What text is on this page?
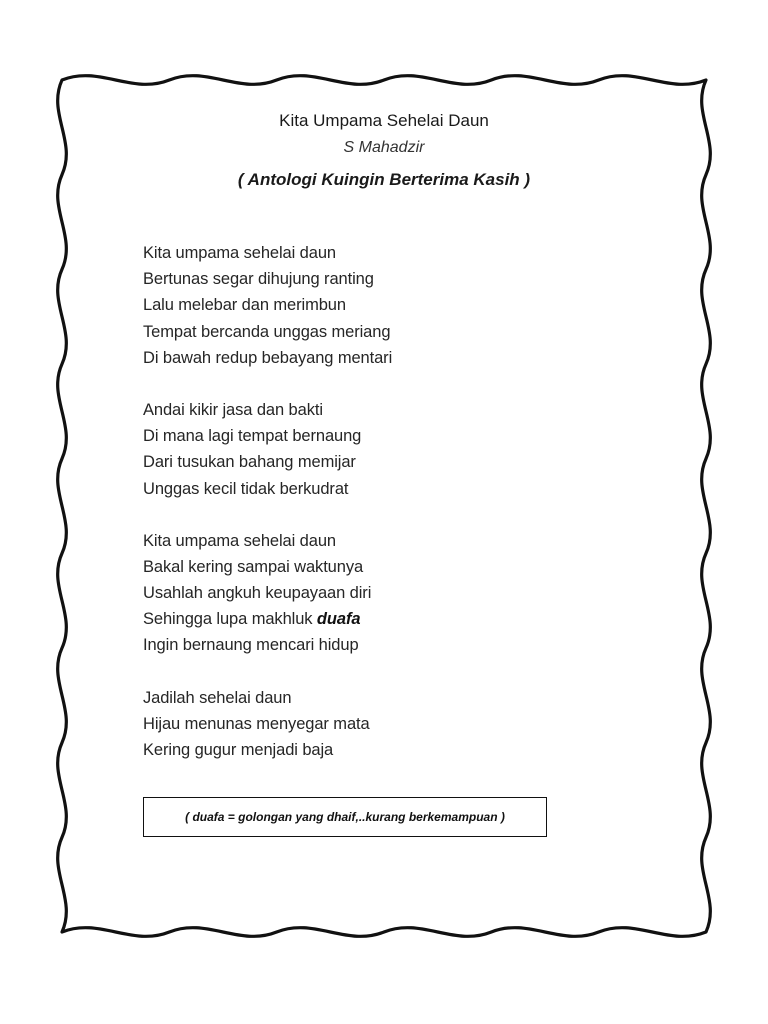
Kita Umpama Sehelai Daun
S Mahadzir
( Antologi Kuingin Berterima Kasih )
Kita umpama sehelai daun
Bertunas segar dihujung ranting
Lalu melebar dan merimbun
Tempat bercanda unggas meriang
Di bawah redup bebayang mentari
Andai kikir jasa dan bakti
Di mana lagi tempat bernaung
Dari tusukan bahang memijar
Unggas kecil tidak berkudrat
Kita umpama sehelai daun
Bakal kering sampai waktunya
Usahlah angkuh keupayaan diri
Sehingga lupa makhluk duafa
Ingin bernaung mencari hidup
Jadilah sehelai daun
Hijau menunas menyegar mata
Kering gugur menjadi baja
( duafa = golongan yang dhaif,..kurang berkemampuan )
